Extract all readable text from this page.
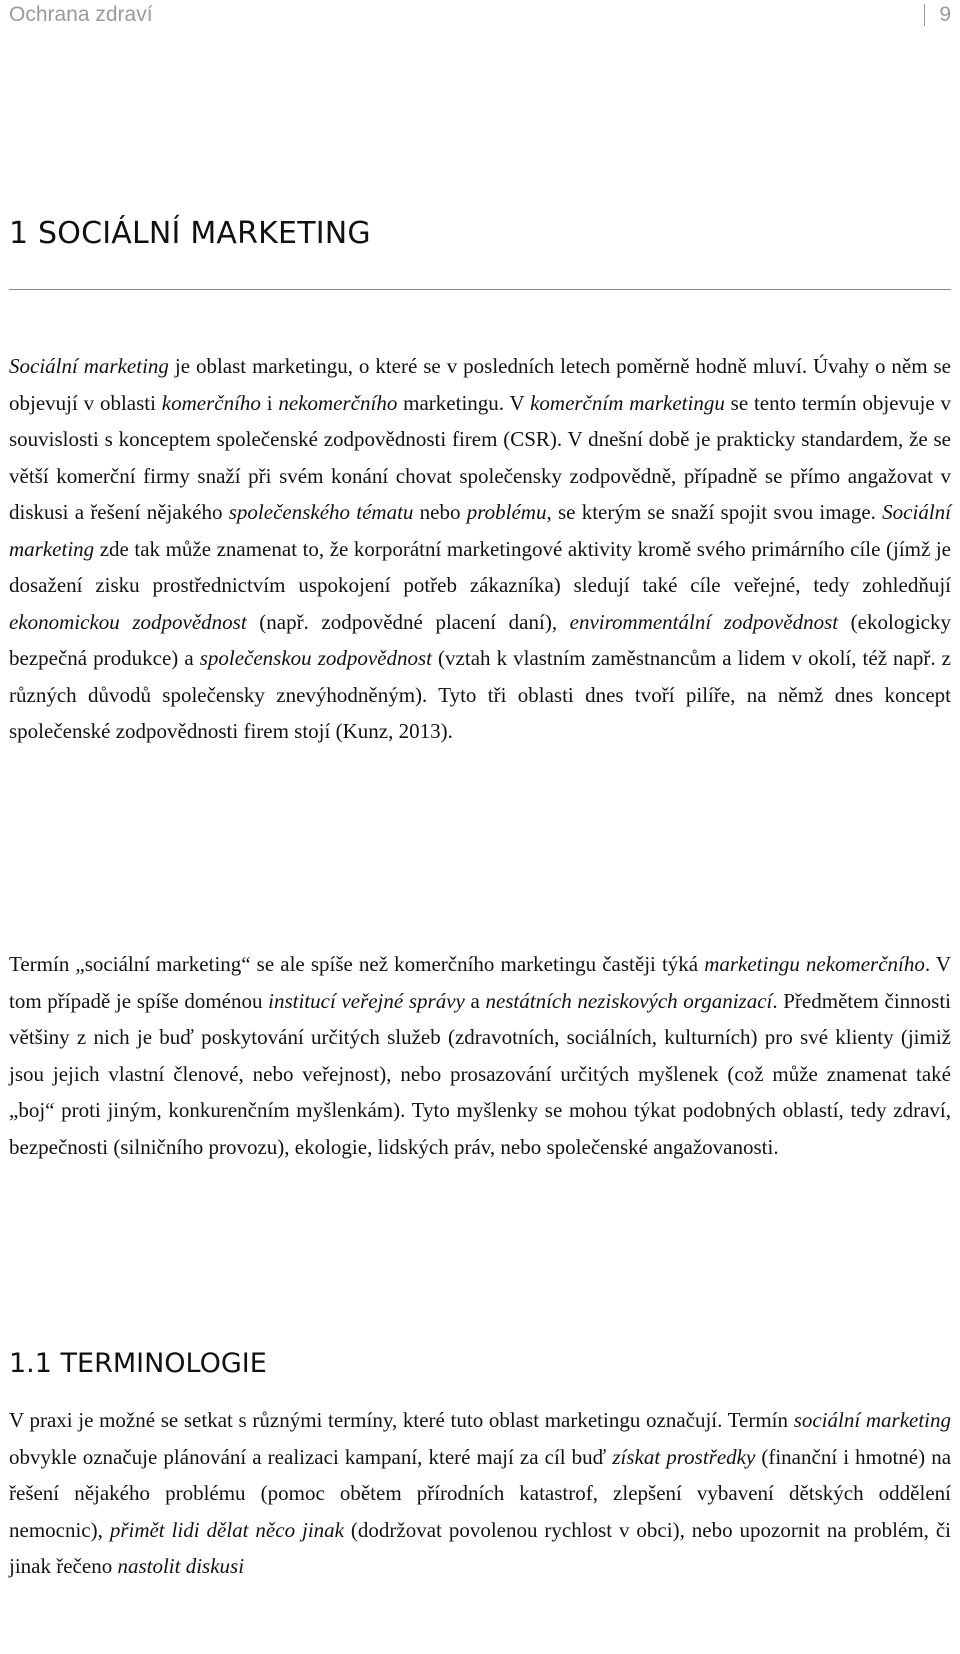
Ochrana zdraví	9
1 SOCIÁLNÍ MARKETING

Sociální marketing je oblast marketingu, o které se v posledních letech poměrně hodně mluví. Úvahy o něm se objevují v oblasti komerčního i nekomerčního marketingu. V komerčním marketingu se tento termín objevuje v souvislosti s konceptem společenské zodpovědnosti firem (CSR). V dnešní době je prakticky standardem, že se větší komerční firmy snaží při svém konání chovat společensky zodpovědně, případně se přímo angažovat v diskusi a řešení nějakého společenského tématu nebo problému, se kterým se snaží spojit svou image. Sociální marketing zde tak může znamenat to, že korporátní marketingové aktivity kromě svého primárního cíle (jímž je dosažení zisku prostřednictvím uspokojení potřeb zákazníka) sledují také cíle veřejné, tedy zohledňují ekonomickou zodpovědnost (např. zodpovědné placení daní), envirommentální zodpovědnost (ekologicky bezpečná produkce) a společenskou zodpovědnost (vztah k vlastním zaměstnancům a lidem v okolí, též např. z různých důvodů společensky znevýhodněným). Tyto tři oblasti dnes tvoří pilíře, na němž dnes koncept společenské zodpovědnosti firem stojí (Kunz, 2013).

Termín „sociální marketing“ se ale spíše než komerčního marketingu častěji týká marketingu nekomerčního. V tom případě je spíše doménou institucí veřejné správy a nestátních neziskových organizací. Předmětem činnosti většiny z nich je buď poskytování určitých služeb (zdravotních, sociálních, kulturních) pro své klienty (jimiž jsou jejich vlastní členové, nebo veřejnost), nebo prosazování určitých myšlenek (což může znamenat také „boj“ proti jiným, konkurenčním myšlenkám). Tyto myšlenky se mohou týkat podobných oblastí, tedy zdraví, bezpečnosti (silničního provozu), ekologie, lidských práv, nebo společenské angažovanosti.

1.1 TERMINOLOGIE

V praxi je možné se setkat s různými termíny, které tuto oblast marketingu označují. Termín sociální marketing obvykle označuje plánování a realizaci kampaní, které mají za cíl buď získat prostředky (finanční i hmotné) na řešení nějakého problému (pomoc obětem přírodních katastrof, zlepšení vybavení dětských oddělení nemocnic), přimět lidi dělat něco jinak (dodržovat povolenou rychlost v obci), nebo upozornit na problém, či jinak řečeno nastolit diskusi
